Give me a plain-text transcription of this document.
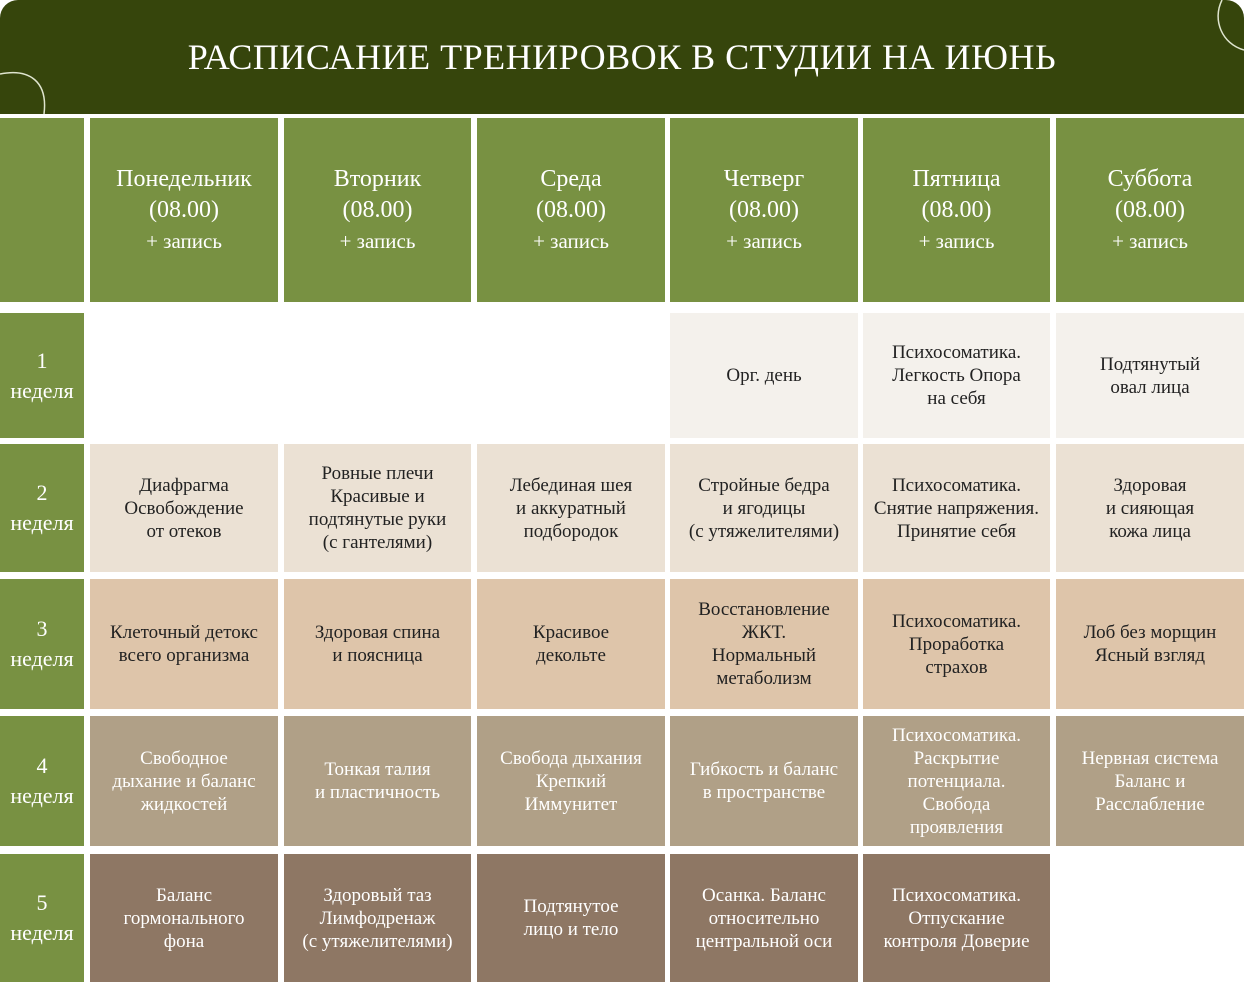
РАСПИСАНИЕ ТРЕНИРОВОК В СТУДИИ НА ИЮНЬ
Понедельник
(08.00)
+ запись
Вторник
(08.00)
+ запись
Среда
(08.00)
+ запись
Четверг
(08.00)
+ запись
Пятница
(08.00)
+ запись
Суббота
(08.00)
+ запись
1
неделя
Орг. день
Психосоматика.
Легкость Опора
на себя
Подтянутый
овал лица
2
неделя
Диафрагма
Освобождение
от отеков
Ровные плечи
Красивые и
подтянутые руки
(с гантелями)
Лебединая шея
и аккуратный
подбородок
Стройные бедра
и ягодицы
(с утяжелителями)
Психосоматика.
Снятие напряжения.
Принятие себя
Здоровая
и сияющая
кожа лица
3
неделя
Клеточный детокс
всего организма
Здоровая спина
и поясница
Красивое
декольте
Восстановление
ЖКТ.
Нормальный
метаболизм
Психосоматика.
Проработка
страхов
Лоб без морщин
Ясный взгляд
4
неделя
Свободное
дыхание и баланс
жидкостей
Тонкая талия
и пластичность
Свобода дыхания
Крепкий
Иммунитет
Гибкость и баланс
в пространстве
Психосоматика.
Раскрытие
потенциала.
Свобода
проявления
Нервная система
Баланс и
Расслабление
5
неделя
Баланс
гормонального
фона
Здоровый таз
Лимфодренаж
(с утяжелителями)
Подтянутое
лицо и тело
Осанка. Баланс
относительно
центральной оси
Психосоматика.
Отпускание
контроля Доверие
